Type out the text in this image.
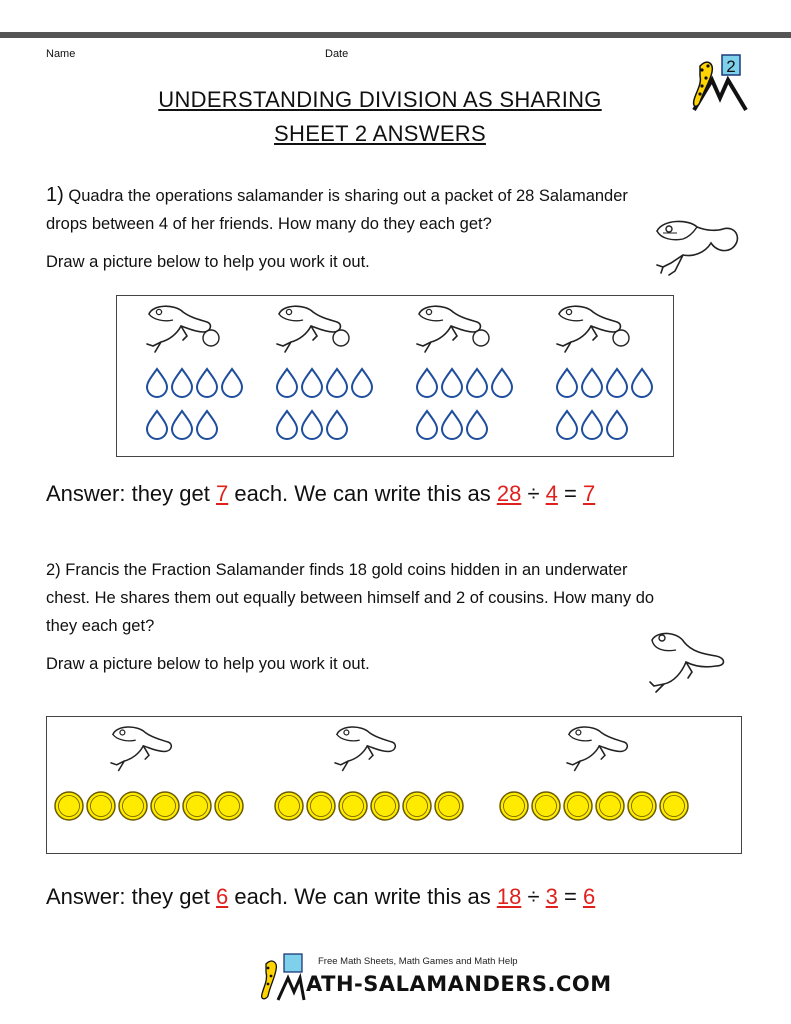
Name	Date
2
UNDERSTANDING DIVISION AS SHARING
SHEET 2 ANSWERS
1) Quadra the operations salamander is sharing out a packet of 28 Salamander
drops between 4 of her friends. How many do they each get?
Draw a picture below to help you work it out.
Answer: they get 7 each. We can write this as 28 ÷ 4 = 7
2) Francis the Fraction Salamander finds 18 gold coins hidden in an underwater
chest. He shares them out equally between himself and 2 of cousins. How many do
they each get?
Draw a picture below to help you work it out.
Answer: they get 6 each. We can write this as 18 ÷ 3 = 6
Free Math Sheets, Math Games and Math Help
ATH-SALAMANDERS.COM
